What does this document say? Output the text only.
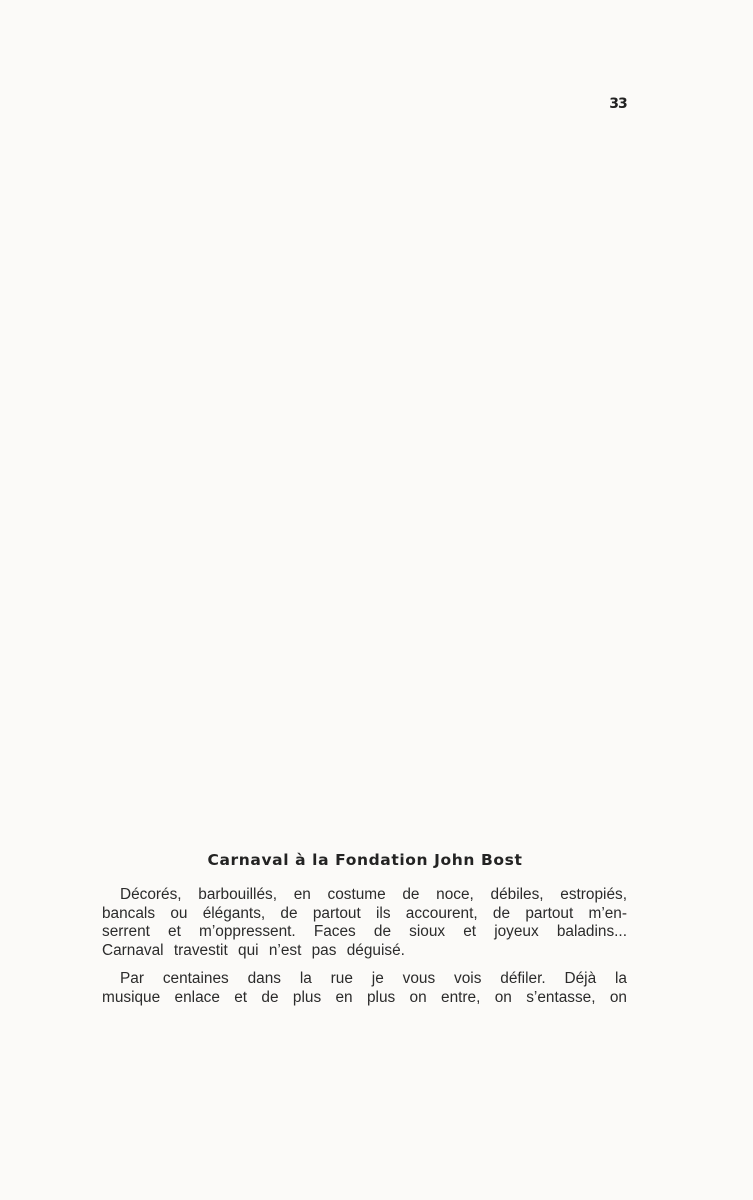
33
Carnaval à la Fondation John Bost
Décorés, barbouillés, en costume de noce, débiles, estropiés,
bancals ou élégants, de partout ils accourent, de partout m’en-
serrent et m’oppressent. Faces de sioux et joyeux baladins...
Carnaval travestit qui n’est pas déguisé.
Par centaines dans la rue je vous vois défiler. Déjà la
musique enlace et de plus en plus on entre, on s’entasse, on
